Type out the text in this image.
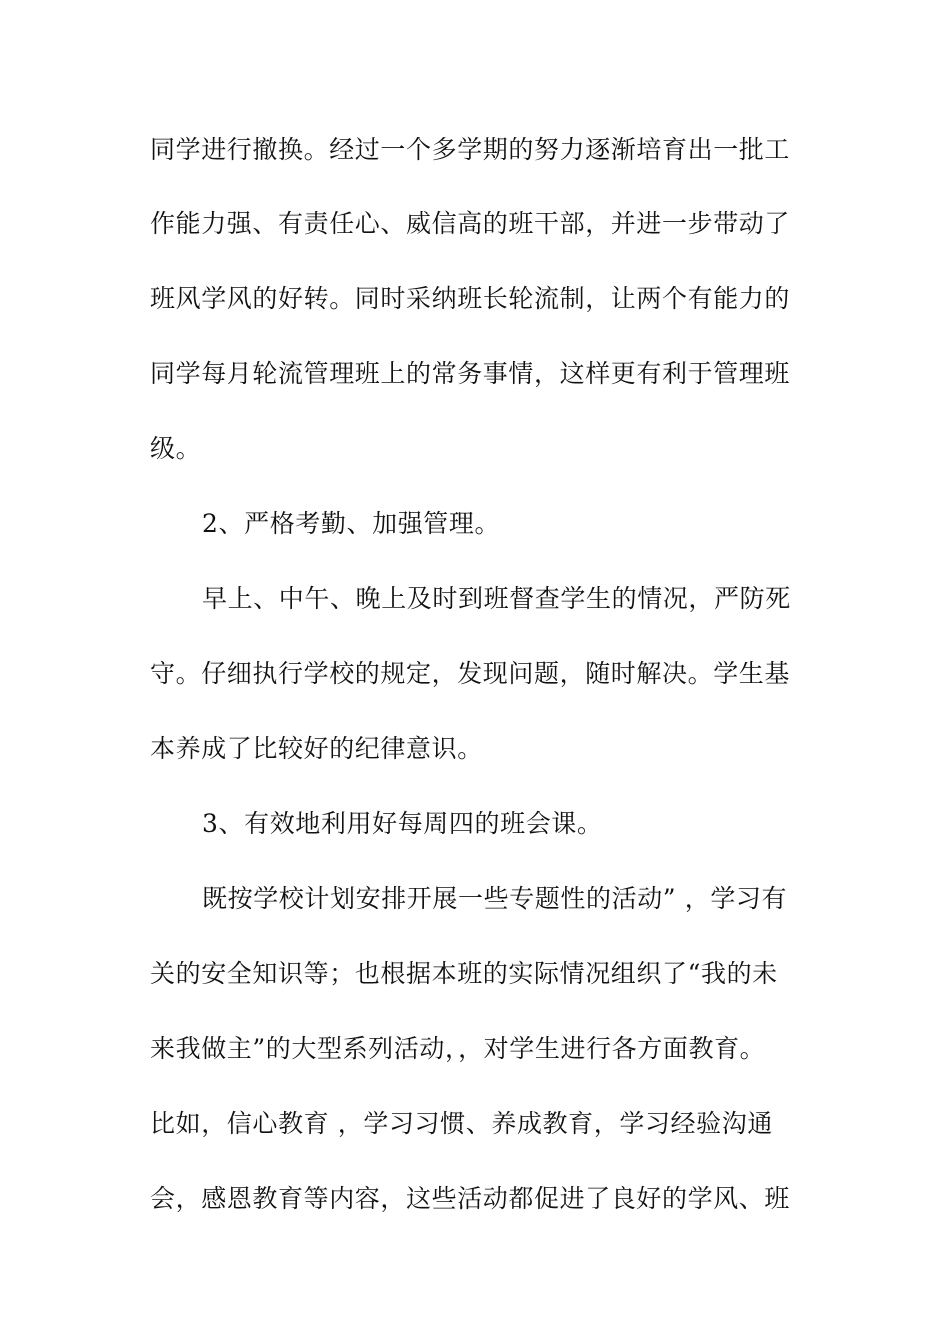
同学进行撤换。经过一个多学期的努力逐渐培育出一批工
作能力强、有责任心、威信高的班干部，并进一步带动了
班风学风的好转。同时采纳班长轮流制，让两个有能力的
同学每月轮流管理班上的常务事情，这样更有利于管理班
级。
2、严格考勤、加强管理。
早上、中午、晚上及时到班督查学生的情况，严防死
守。仔细执行学校的规定，发现问题，随时解决。学生基
本养成了比较好的纪律意识。
3、有效地利用好每周四的班会课。
既按学校计划安排开展一些专题性的活动” ，学习有
关的安全知识等；也根据本班的实际情况组织了“我的未
来我做主”的大型系列活动，，对学生进行各方面教育。
比如，信心教育 ，学习习惯、养成教育，学习经验沟通
会，感恩教育等内容，这些活动都促进了良好的学风、班
